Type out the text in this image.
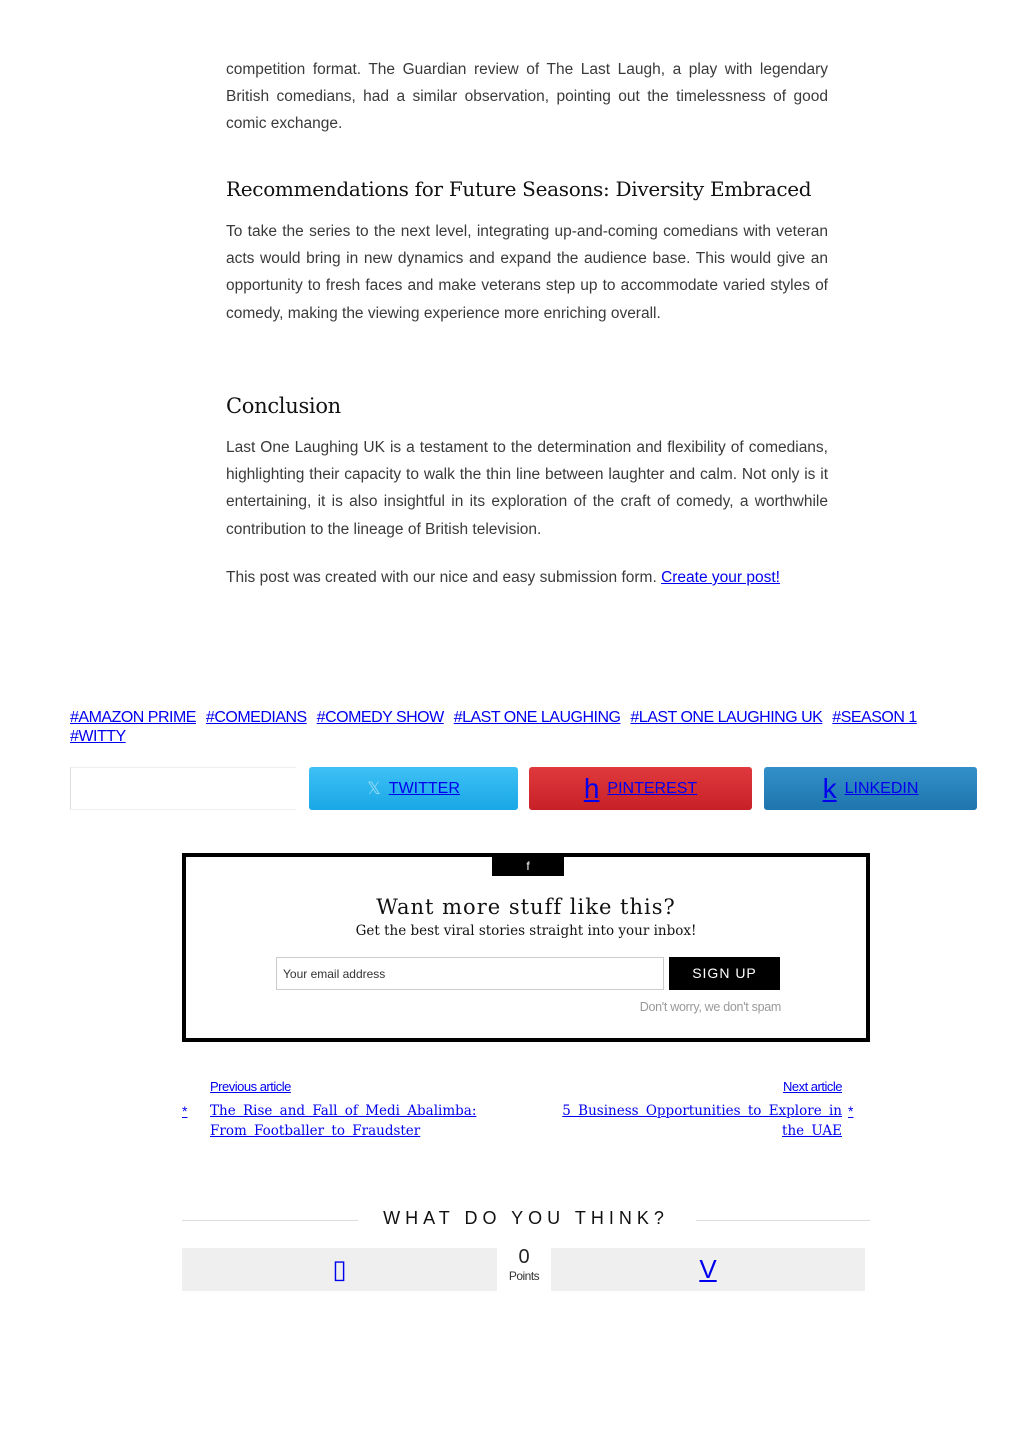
competition format. The Guardian review of The Last Laugh, a play with legendary British comedians, had a similar observation, pointing out the timelessness of good comic exchange.

Recommendations for Future Seasons: Diversity Embraced

To take the series to the next level, integrating up-and-coming comedians with veteran acts would bring in new dynamics and expand the audience base. This would give an opportunity to fresh faces and make veterans step up to accommodate varied styles of comedy, making the viewing experience more enriching overall.

Conclusion

Last One Laughing UK is a testament to the determination and flexibility of comedians, highlighting their capacity to walk the thin line between laughter and calm. Not only is it entertaining, it is also insightful in its exploration of the craft of comedy, a worthwhile contribution to the lineage of British television.

This post was created with our nice and easy submission form. Create your post!

#AMAZON PRIME #COMEDIANS #COMEDY SHOW #LAST ONE LAUGHING #LAST ONE LAUGHING UK #SEASON 1
#WITTY
𝕏 TWITTER	h PINTEREST	k LINKEDIN
f
Want more stuff like this?
Get the best viral stories straight into your inbox!
Your email address
SIGN UP
Don't worry, we don't spam
Previous article	Next article
*	The Rise and Fall of Medi Abalimba: From Footballer to Fraudster
5 Business Opportunities to Explore in the UAE
*
WHAT DO YOU THINK?
▯	0
Points	V
